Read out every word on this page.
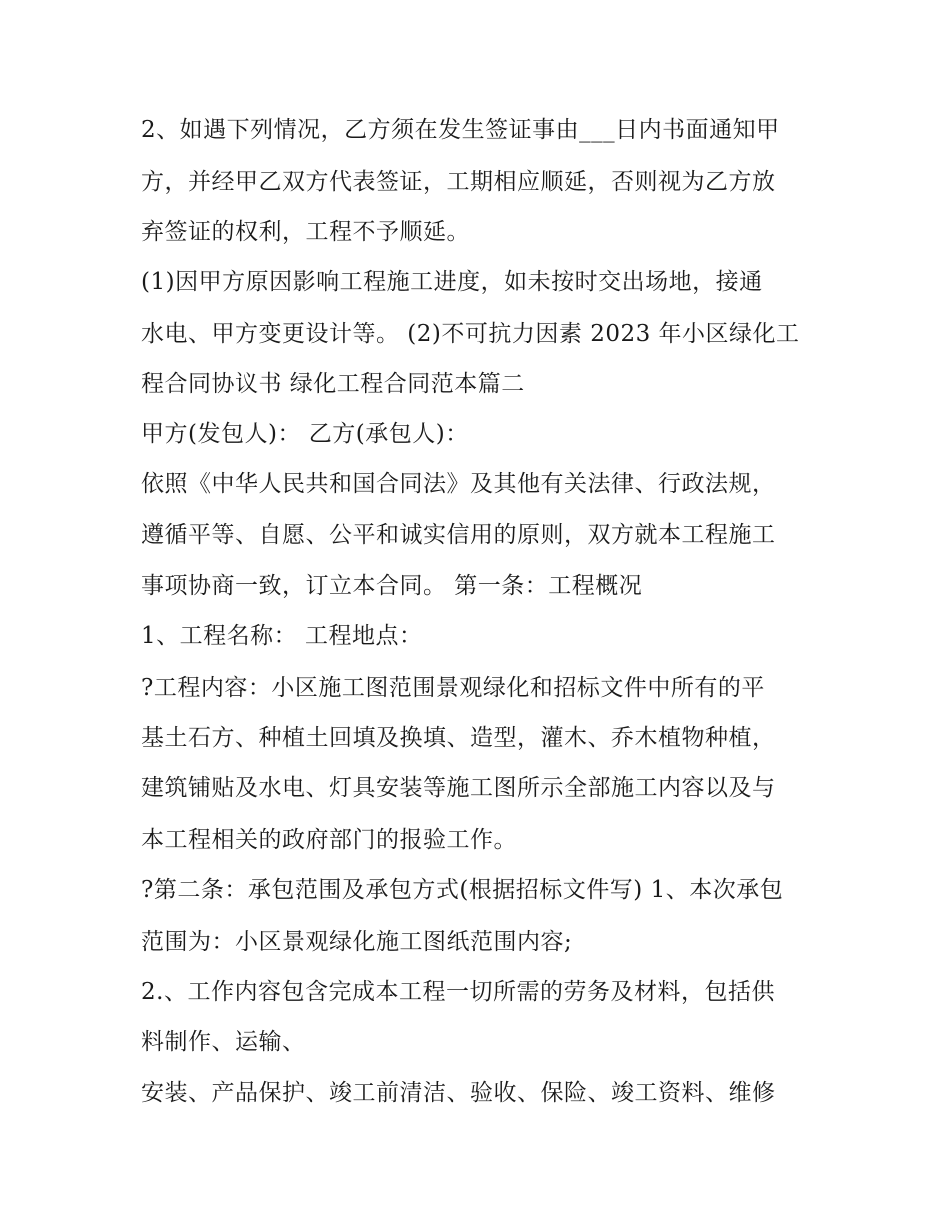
2、如遇下列情况，乙方须在发生签证事由___日内书面通知甲
方，并经甲乙双方代表签证，工期相应顺延，否则视为乙方放
弃签证的权利，工程不予顺延。
(1)因甲方原因影响工程施工进度，如未按时交出场地，接通
水电、甲方变更设计等。 (2)不可抗力因素 2023 年小区绿化工
程合同协议书 绿化工程合同范本篇二
甲方(发包人)： 乙方(承包人)：
依照《中华人民共和国合同法》及其他有关法律、行政法规，
遵循平等、自愿、公平和诚实信用的原则，双方就本工程施工
事项协商一致，订立本合同。 第一条：工程概况
1、工程名称： 工程地点：
?工程内容：小区施工图范围景观绿化和招标文件中所有的平
基土石方、种植土回填及换填、造型，灌木、乔木植物种植，
建筑铺贴及水电、灯具安装等施工图所示全部施工内容以及与
本工程相关的政府部门的报验工作。
?第二条：承包范围及承包方式(根据招标文件写) 1、本次承包
范围为：小区景观绿化施工图纸范围内容;
2.、工作内容包含完成本工程一切所需的劳务及材料，包括供
料制作、运输、
安装、产品保护、竣工前清洁、验收、保险、竣工资料、维修
